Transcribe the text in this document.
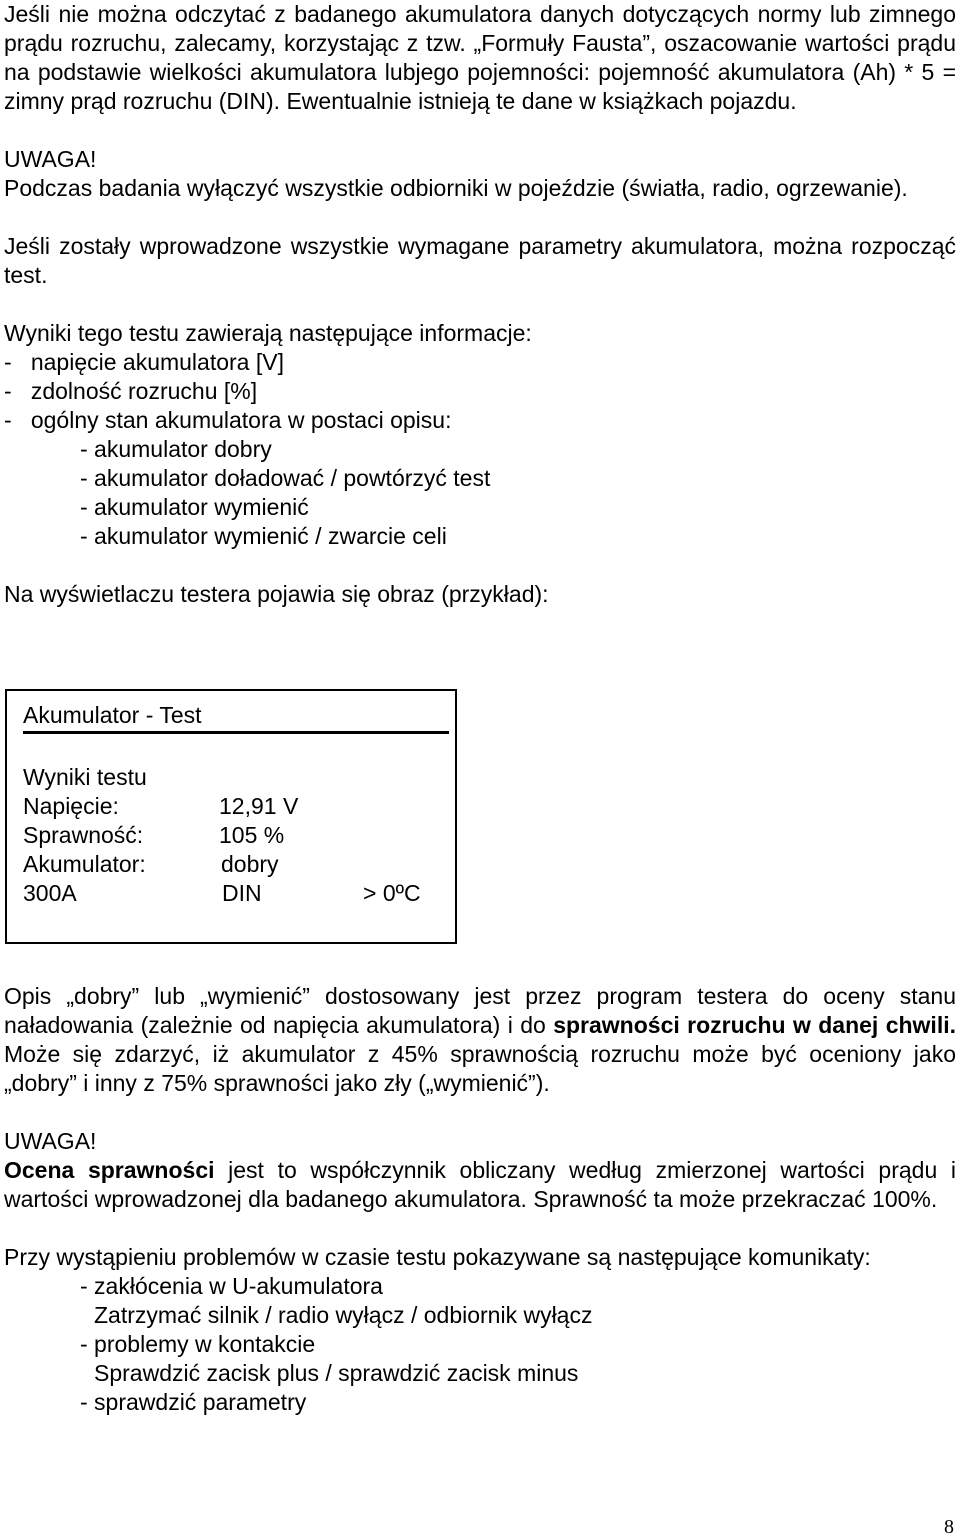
Jeśli nie można odczytać z badanego akumulatora danych dotyczących normy lub zimnego prądu rozruchu, zalecamy, korzystając z tzw. „Formuły Fausta”, oszacowanie wartości prądu na podstawie wielkości akumulatora lubjego pojemności: pojemność akumulatora (Ah) * 5 = zimny prąd rozruchu (DIN). Ewentualnie istnieją te dane w książkach pojazdu.

UWAGA!

Podczas badania wyłączyć wszystkie odbiorniki w pojeździe (światła, radio, ogrzewanie).

Jeśli zostały wprowadzone wszystkie wymagane parametry akumulatora, można rozpocząć test.

Wyniki tego testu zawierają następujące informacje:
-   napięcie akumulatora [V]
-   zdolność rozruchu [%]
-   ogólny stan akumulatora w postaci opisu:
- akumulator dobry
- akumulator doładować / powtórzyć test
- akumulator wymienić
- akumulator wymienić / zwarcie celi
Na wyświetlaczu testera pojawia się obraz (przykład):
Akumulator - Test
Wyniki testu
Napięcie:	12,91 V
Sprawność:	105 %
Akumulator:	dobry
300A	DIN	> 0ºC

Opis „dobry” lub „wymienić” dostosowany jest przez program testera do oceny stanu naładowania (zależnie od napięcia akumulatora) i do sprawności rozruchu w danej chwili. Może się zdarzyć, iż akumulator z 45% sprawnością rozruchu może być oceniony jako „dobry” i inny z 75% sprawności jako zły („wymienić”).

UWAGA!

Ocena sprawności jest to współczynnik obliczany według zmierzonej wartości prądu i wartości wprowadzonej dla badanego akumulatora. Sprawność ta może przekraczać 100%.

Przy wystąpieniu problemów w czasie testu pokazywane są następujące komunikaty:
- zakłócenia w U-akumulatora
Zatrzymać silnik / radio wyłącz / odbiornik wyłącz
- problemy w kontakcie
Sprawdzić zacisk plus / sprawdzić zacisk minus
- sprawdzić parametry
8
